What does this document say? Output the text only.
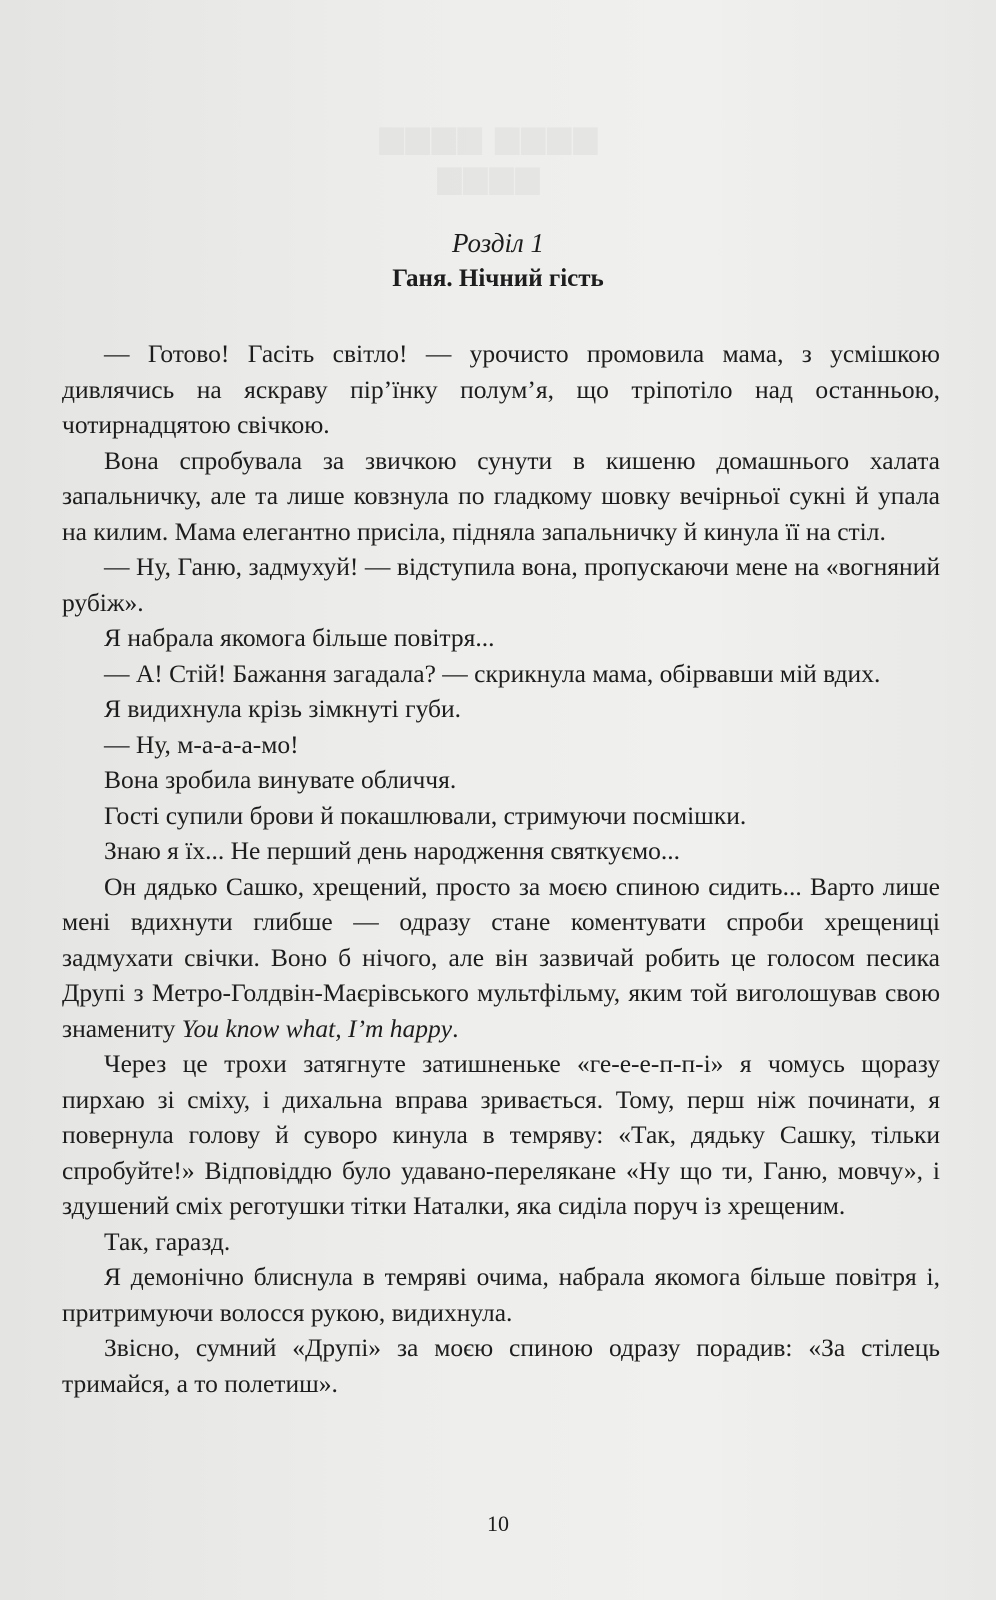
▆▆▆▆ ▆▆▆▆
▆▆▆▆
Розділ 1
Ганя. Нічний гість

— Готово! Гасіть світло! — урочисто промовила мама, з усмішкою дивлячись на яскраву пір’їнку полум’я, що тріпотіло над останньою, чотирнадцятою свічкою.

Вона спробувала за звичкою сунути в кишеню домашнього халата запальничку, але та лише ковзнула по гладкому шовку вечірньої сукні й упала на килим. Мама елегантно присіла, підняла запальничку й кинула її на стіл.

— Ну, Ганю, задмухуй! — відступила вона, пропускаючи мене на «вогняний рубіж».

Я набрала якомога більше повітря...

— А! Стій! Бажання загадала? — скрикнула мама, обірвавши мій вдих.

Я видихнула крізь зімкнуті губи.

— Ну, м-а-а-а-мо!

Вона зробила винувате обличчя.

Гості супили брови й покашлювали, стримуючи посмішки.

Знаю я їх... Не перший день народження святкуємо...

Он дядько Сашко, хрещений, просто за моєю спиною сидить... Варто лише мені вдихнути глибше — одразу стане коментувати спроби хрещениці задмухати свічки. Воно б нічого, але він зазвичай робить це голосом песика Друпі з Метро-Голдвін-Маєрівського мультфільму, яким той виголошував свою знамениту You know what, I’m happy.

Через це трохи затягнуте затишненьке «ге-е-е-п-п-і» я чомусь щоразу пирхаю зі сміху, і дихальна вправа зривається. Тому, перш ніж починати, я повернула голову й суворо кинула в темряву: «Так, дядьку Сашку, тільки спробуйте!» Відповіддю було удавано-переляканe «Ну що ти, Ганю, мовчу», і здушений сміх реготушки тітки Наталки, яка сиділа поруч із хрещеним.

Так, гаразд.

Я демонічно блиснула в темряві очима, набрала якомога більше повітря і, притримуючи волосся рукою, видихнула.

Звісно, сумний «Друпі» за моєю спиною одразу порадив: «За стілець тримайся, а то полетиш».

10
